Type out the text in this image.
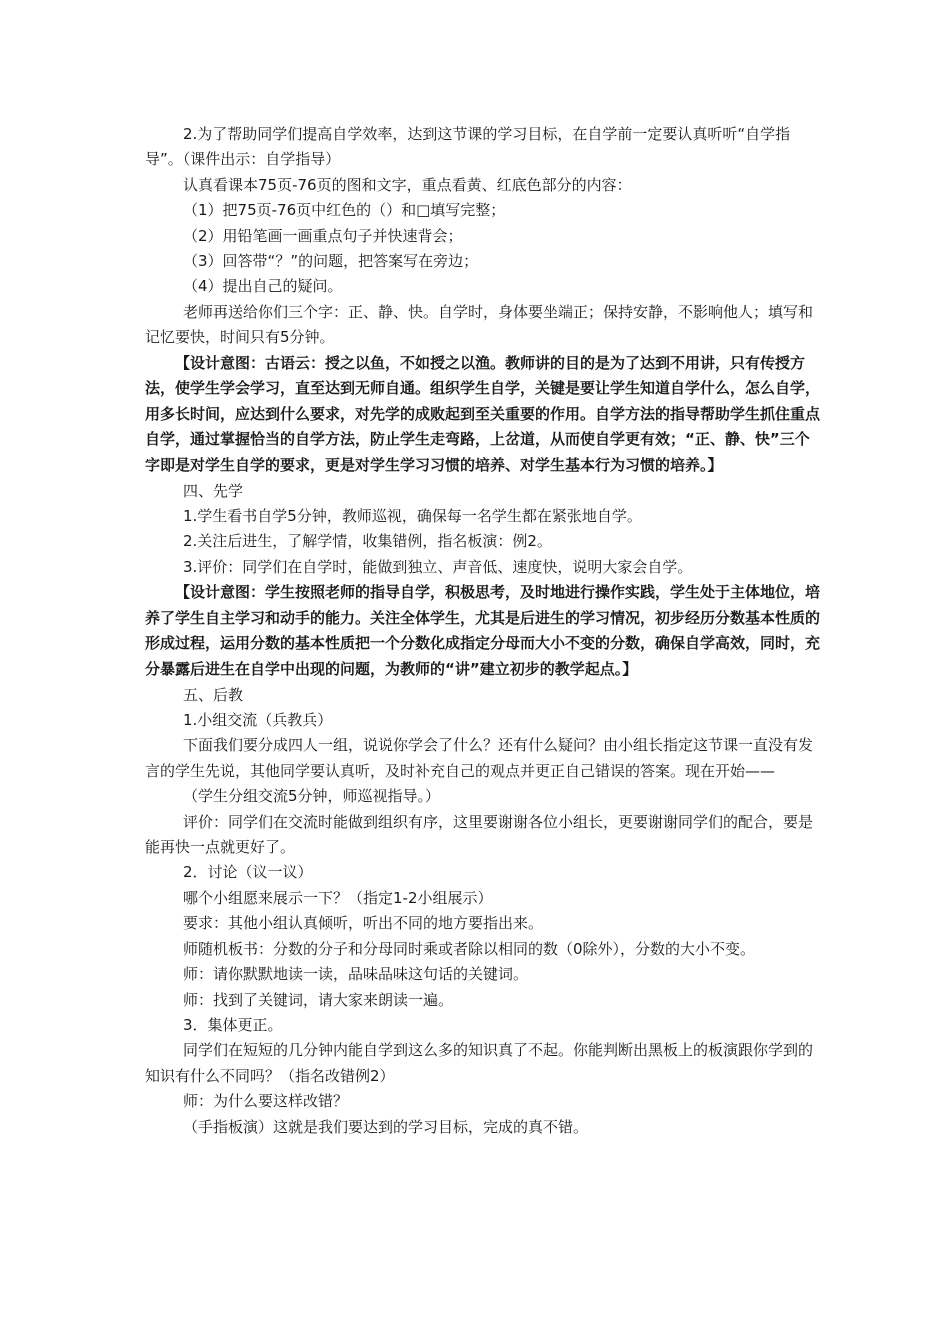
2.为了帮助同学们提高自学效率，达到这节课的学习目标，在自学前一定要认真听听“自学指导”。（课件出示：自学指导）

认真看课本75页-76页的图和文字，重点看黄、红底色部分的内容：

（1）把75页-76页中红色的（）和□填写完整；

（2）用铅笔画一画重点句子并快速背会；

（3）回答带“？”的问题，把答案写在旁边；

（4）提出自己的疑问。

老师再送给你们三个字：正、静、快。自学时，身体要坐端正；保持安静，不影响他人；填写和记忆要快，时间只有5分钟。

【设计意图：古语云：授之以鱼，不如授之以渔。教师讲的目的是为了达到不用讲，只有传授方法，使学生学会学习，直至达到无师自通。组织学生自学，关键是要让学生知道自学什么，怎么自学，用多长时间，应达到什么要求，对先学的成败起到至关重要的作用。自学方法的指导帮助学生抓住重点自学，通过掌握恰当的自学方法，防止学生走弯路，上岔道，从而使自学更有效；“正、静、快”三个字即是对学生自学的要求，更是对学生学习习惯的培养、对学生基本行为习惯的培养。】

四、先学

1.学生看书自学5分钟，教师巡视，确保每一名学生都在紧张地自学。

2.关注后进生，了解学情，收集错例，指名板演：例2。

3.评价：同学们在自学时，能做到独立、声音低、速度快，说明大家会自学。

【设计意图：学生按照老师的指导自学，积极思考，及时地进行操作实践，学生处于主体地位，培养了学生自主学习和动手的能力。关注全体学生，尤其是后进生的学习情况，初步经历分数基本性质的形成过程，运用分数的基本性质把一个分数化成指定分母而大小不变的分数，确保自学高效，同时，充分暴露后进生在自学中出现的问题，为教师的“讲”建立初步的教学起点。】

五、后教

1.小组交流（兵教兵）

下面我们要分成四人一组，说说你学会了什么？还有什么疑问？由小组长指定这节课一直没有发言的学生先说，其他同学要认真听，及时补充自己的观点并更正自己错误的答案。现在开始——

（学生分组交流5分钟，师巡视指导。）

评价：同学们在交流时能做到组织有序，这里要谢谢各位小组长，更要谢谢同学们的配合，要是能再快一点就更好了。

2．讨论（议一议）

哪个小组愿来展示一下？（指定1-2小组展示）

要求：其他小组认真倾听，听出不同的地方要指出来。

师随机板书：分数的分子和分母同时乘或者除以相同的数（0除外），分数的大小不变。

师：请你默默地读一读，品味品味这句话的关键词。

师：找到了关键词，请大家来朗读一遍。

3．集体更正。

同学们在短短的几分钟内能自学到这么多的知识真了不起。你能判断出黑板上的板演跟你学到的知识有什么不同吗？（指名改错例2）

师：为什么要这样改错？

（手指板演）这就是我们要达到的学习目标，完成的真不错。
